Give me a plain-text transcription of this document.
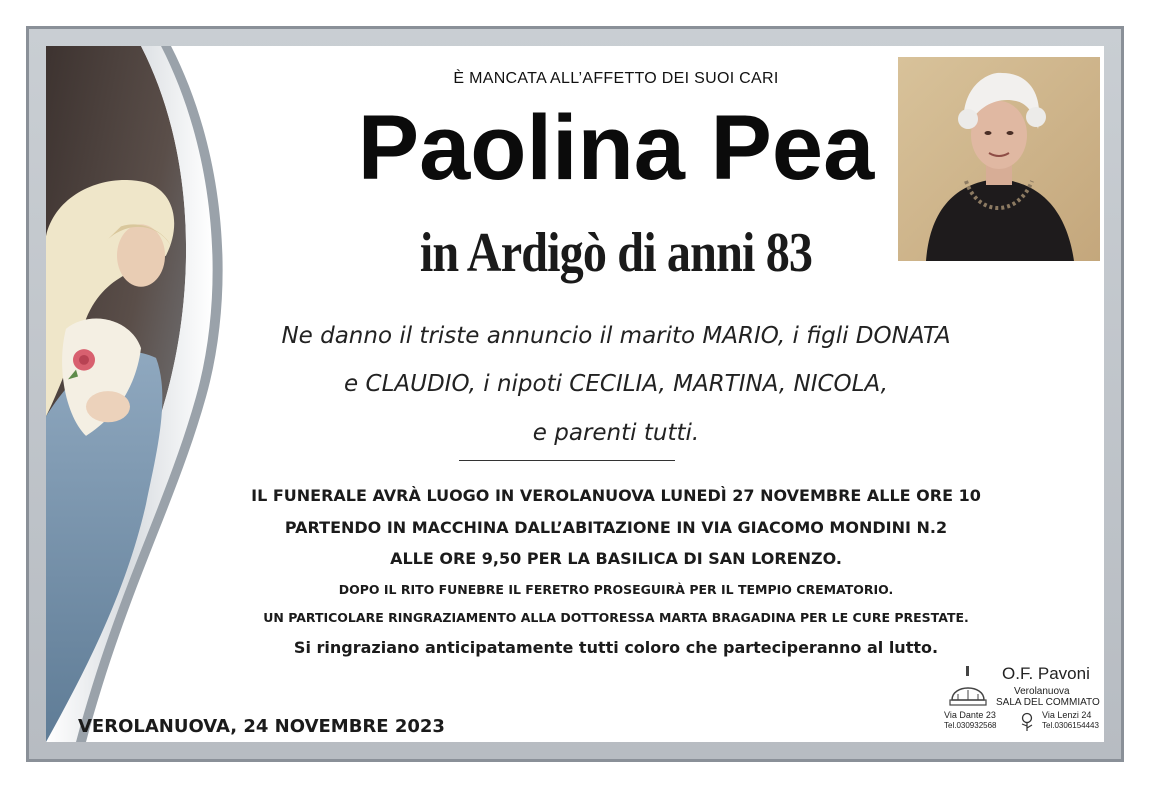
È MANCATA ALL’AFFETTO DEI SUOI CARI
Paolina Pea
in Ardigò di anni 83
Ne danno il triste annuncio il marito MARIO, i figli DONATA
e CLAUDIO, i nipoti CECILIA, MARTINA, NICOLA,
e parenti tutti.
IL FUNERALE AVRÀ LUOGO IN VEROLANUOVA LUNEDÌ 27 NOVEMBRE ALLE ORE 10
PARTENDO IN MACCHINA DALL’ABITAZIONE IN VIA GIACOMO MONDINI N.2
ALLE ORE 9,50 PER LA BASILICA DI SAN LORENZO.
DOPO IL RITO FUNEBRE IL FERETRO PROSEGUIRÀ PER IL TEMPIO CREMATORIO.
UN PARTICOLARE RINGRAZIAMENTO ALLA DOTTORESSA MARTA BRAGADINA PER LE CURE PRESTATE.
Si ringraziano anticipatamente tutti coloro che parteciperanno al lutto.
VEROLANUOVA, 24 NOVEMBRE 2023
O.F. Pavoni
Verolanuova
SALA DEL COMMIATO
Via Dante 23
Tel.030932568
Via Lenzi 24
Tel.0306154443
